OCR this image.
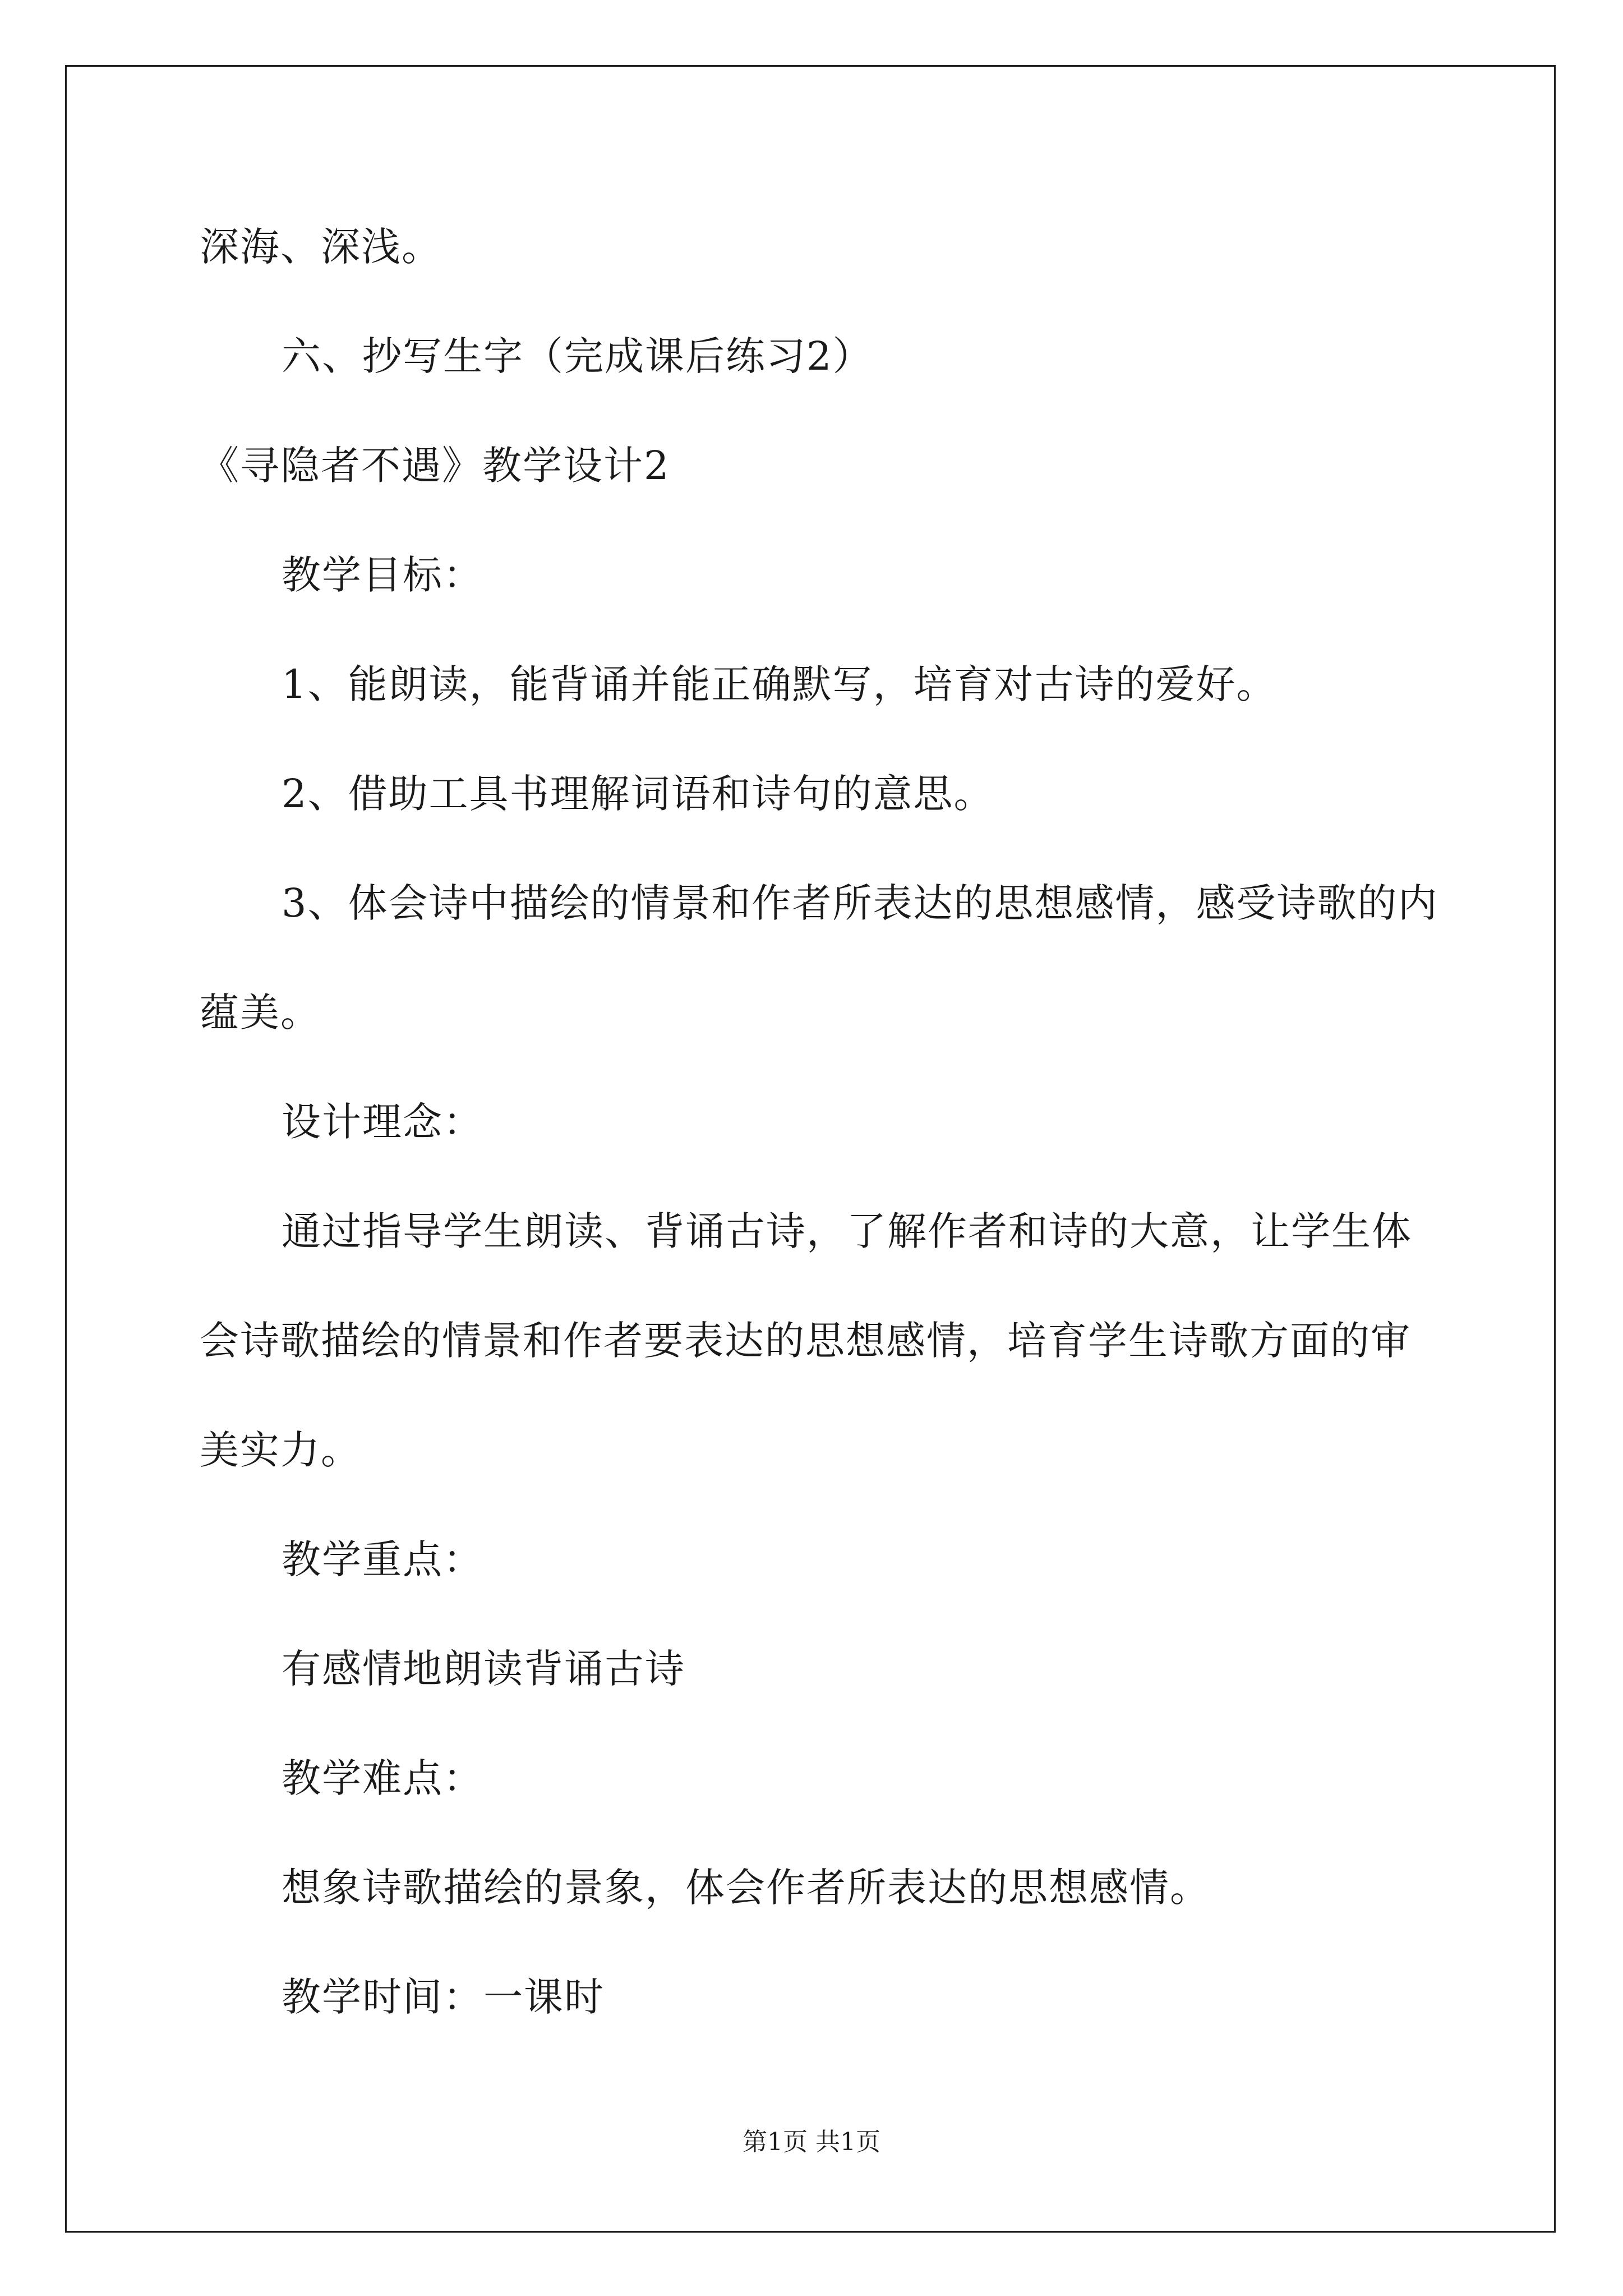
深海、深浅。
六、抄写生字（完成课后练习2）
《寻隐者不遇》教学设计2
教学目标：
1、能朗读，能背诵并能正确默写，培育对古诗的爱好。
2、借助工具书理解词语和诗句的意思。
3、体会诗中描绘的情景和作者所表达的思想感情，感受诗歌的内
蕴美。
设计理念：
通过指导学生朗读、背诵古诗，了解作者和诗的大意，让学生体
会诗歌描绘的情景和作者要表达的思想感情，培育学生诗歌方面的审
美实力。
教学重点：
有感情地朗读背诵古诗
教学难点：
想象诗歌描绘的景象，体会作者所表达的思想感情。
教学时间：一课时
第1页 共1页
